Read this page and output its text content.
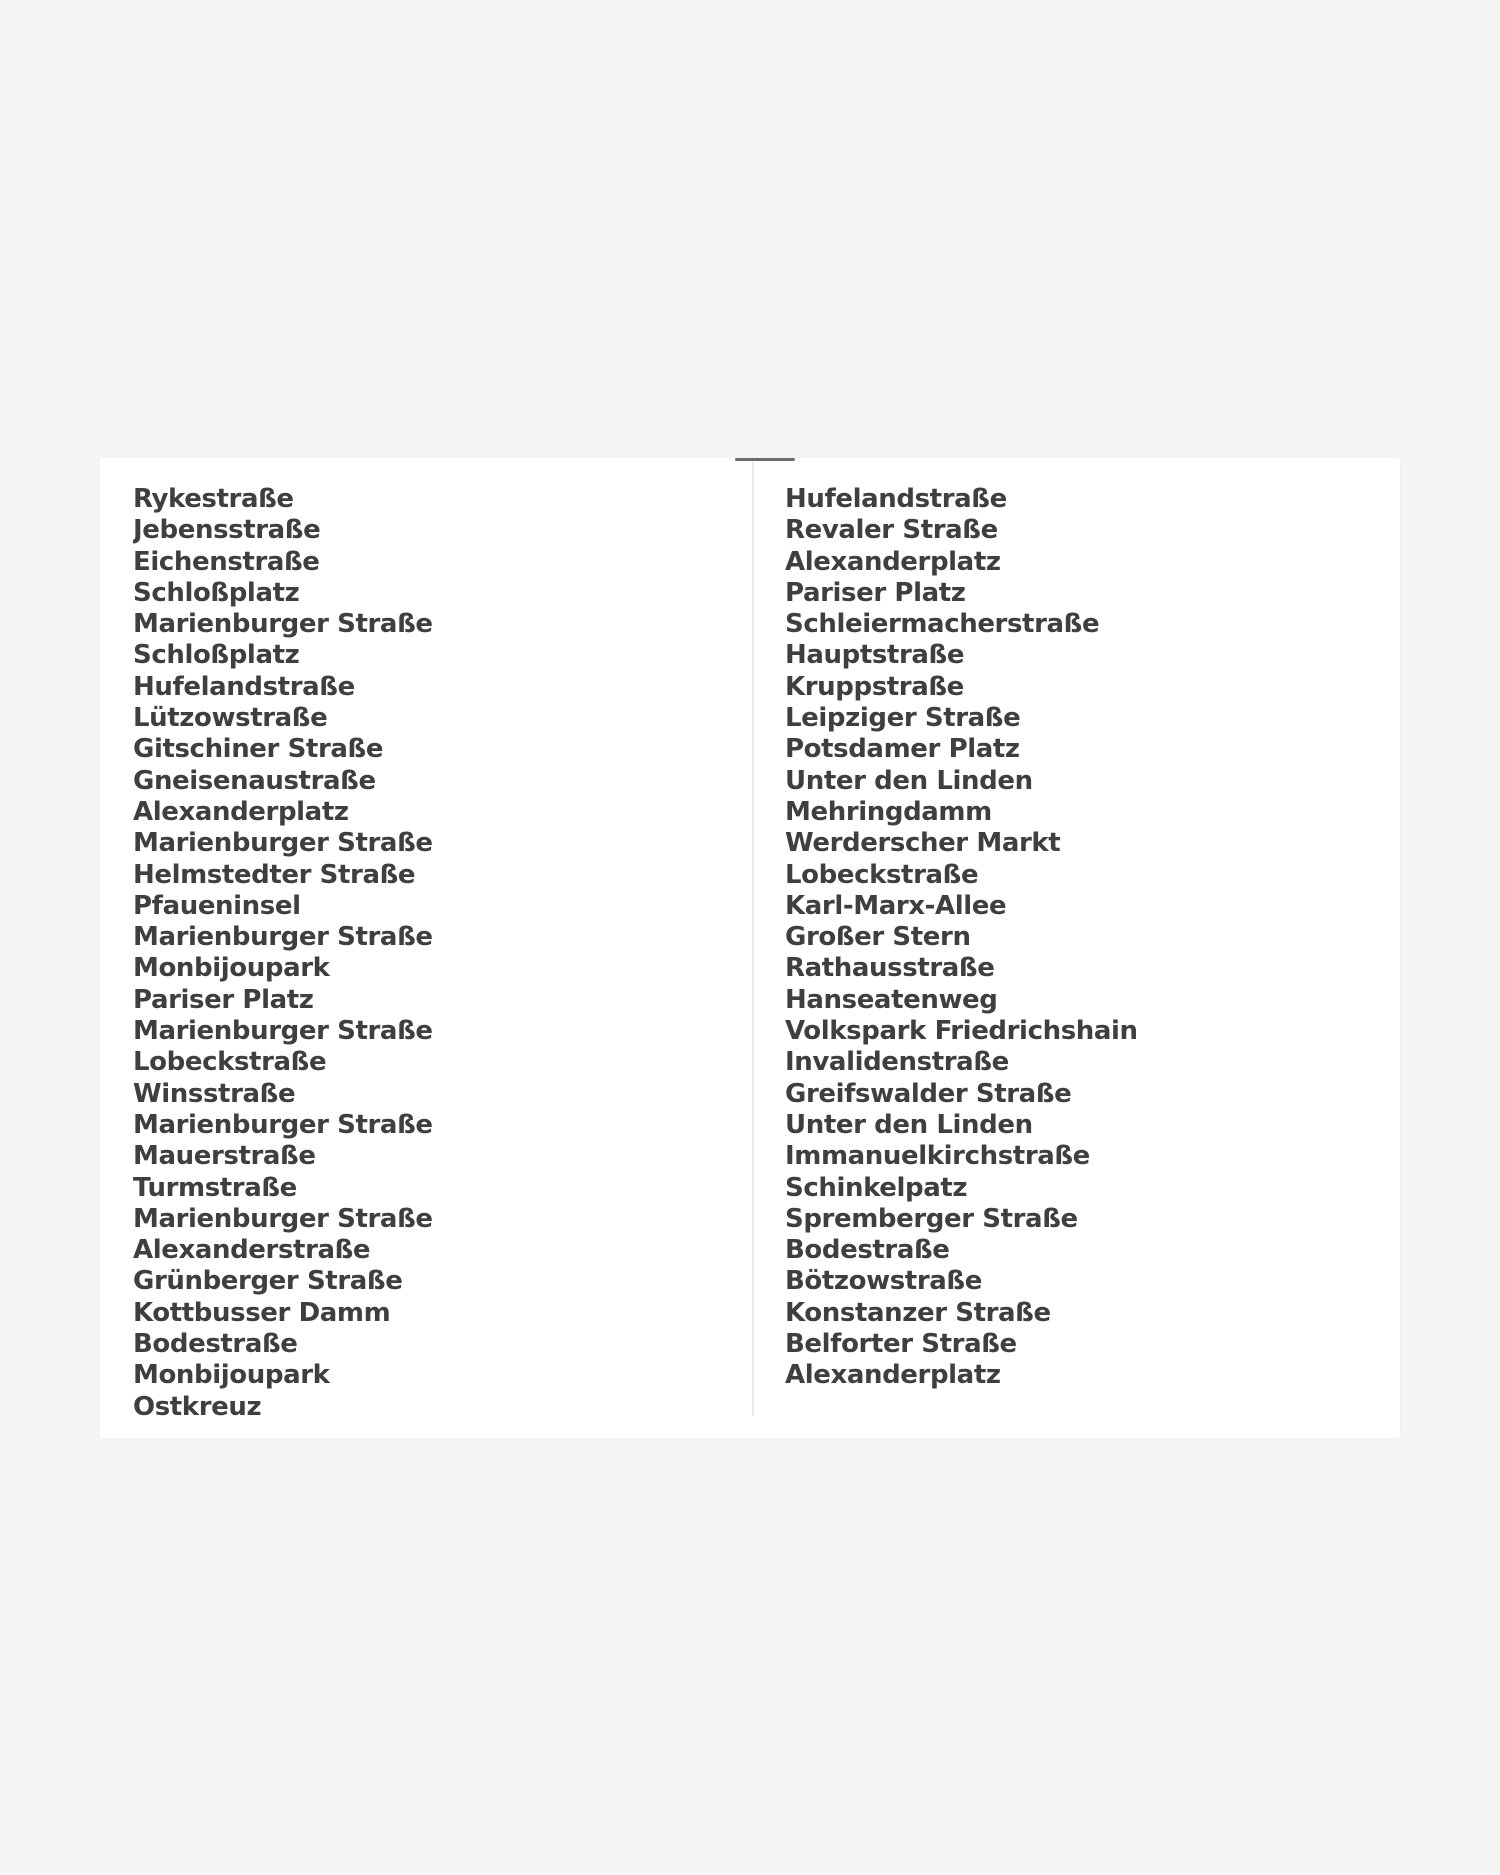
Rykestraße
Jebensstraße
Eichenstraße
Schloßplatz
Marienburger Straße
Schloßplatz
Hufelandstraße
Lützowstraße
Gitschiner Straße
Gneisenaustraße
Alexanderplatz
Marienburger Straße
Helmstedter Straße
Pfaueninsel
Marienburger Straße
Monbijoupark
Pariser Platz
Marienburger Straße
Lobeckstraße
Winsstraße
Marienburger Straße
Mauerstraße
Turmstraße
Marienburger Straße
Alexanderstraße
Grünberger Straße
Kottbusser Damm
Bodestraße
Monbijoupark
Ostkreuz
Hufelandstraße
Revaler Straße
Alexanderplatz
Pariser Platz
Schleiermacherstraße
Hauptstraße
Kruppstraße
Leipziger Straße
Potsdamer Platz
Unter den Linden
Mehringdamm
Werderscher Markt
Lobeckstraße
Karl-Marx-Allee
Großer Stern
Rathausstraße
Hanseatenweg
Volkspark Friedrichshain
Invalidenstraße
Greifswalder Straße
Unter den Linden
Immanuelkirchstraße
Schinkelpatz
Spremberger Straße
Bodestraße
Bötzowstraße
Konstanzer Straße
Belforter Straße
Alexanderplatz
